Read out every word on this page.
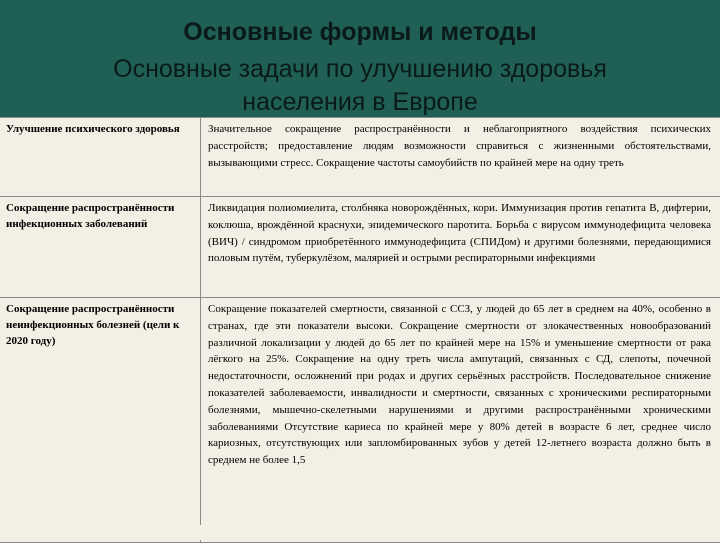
Основные формы и методы
Основные задачи по улучшению здоровья
населения в Европе
Улучшение психического здоровья	Значительное сокращение распространённости и неблагоприятного воздействия психических расстройств; предоставление людям возможности справиться с жизненными обстоятельствами, вызывающими стресс. Сокращение частоты самоубийств по крайней мере на одну треть
Сокращение распространённости инфекционных заболеваний
Ликвидация полиомиелита, столбняка новорождённых, кори. Иммунизация против гепатита В, дифтерии, коклюша, врождённой краснухи, эпидемического паротита. Борьба с вирусом иммунодефицита человека (ВИЧ) / синдромом приобретённого иммунодефицита (СПИДом) и другими болезнями, передающимися половым путём, туберкулёзом, малярией и острыми респираторными инфекциями
Сокращение распространённости неинфекционных болезней (цели к 2020 году)
Сокращение показателей смертности, связанной с ССЗ, у людей до 65 лет в среднем на 40%, особенно в странах, где эти показатели высоки. Сокращение смертности от злокачественных новообразований различной локализации у людей до 65 лет по крайней мере на 15% и уменьшение смертности от рака лёгкого на 25%. Сокращение на одну треть числа ампутаций, связанных с СД, слепоты, почечной недостаточности, осложнений при родах и других серьёзных расстройств. Последовательное снижение показателей заболеваемости, инвалидности и смертности, связанных с хроническими респираторными болезнями, мышечно-скелетными нарушениями и другими распространёнными хроническими заболеваниями Отсутствие кариеса по крайней мере у 80% детей в возрасте 6 лет, среднее число кариозных, отсутствующих или запломбированных зубов у детей 12-летнего возраста должно быть в среднем не более 1,5
